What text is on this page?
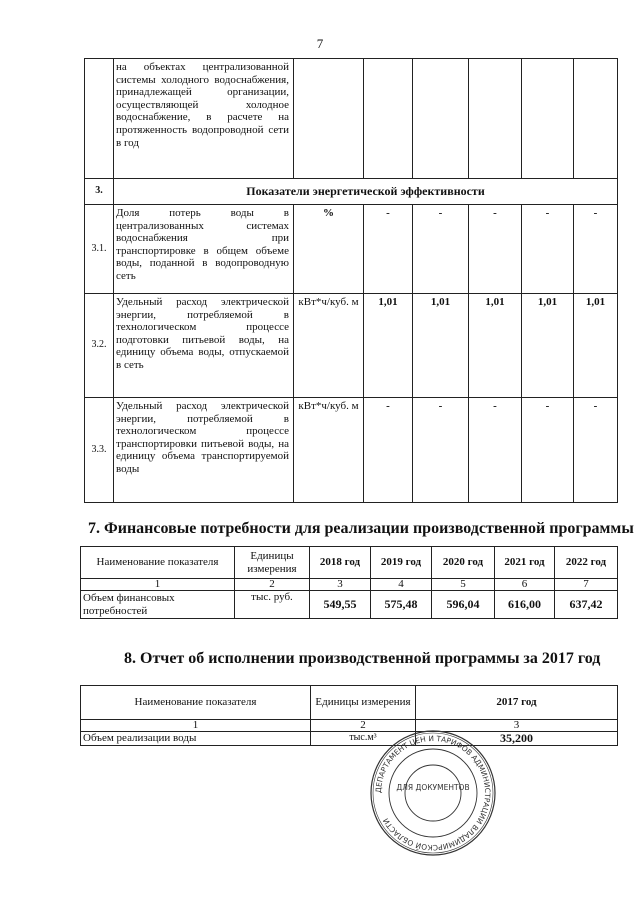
7
	на объектах централизованной системы холодного водоснабжения, принадлежащей организации, осуществляющей холодное водоснабжение, в расчете на протяженность водопроводной сети в год						
3.	Показатели энергетической эффективности						
3.1.	Доля потерь воды в централизованных системах водоснабжения при транспортировке в общем объеме воды, поданной в водопроводную сеть	%	-	-	-	-	-
3.2.	Удельный расход электрической энергии, потребляемой в технологическом процессе подготовки питьевой воды, на единицу объема воды, отпускаемой в сеть	кВт*ч/куб. м	1,01	1,01	1,01	1,01	1,01
3.3.	Удельный расход электрической энергии, потребляемой в технологическом процессе транспортировки питьевой воды, на единицу объема транспортируемой воды	кВт*ч/куб. м	-	-	-	-	-
7. Финансовые потребности для реализации производственной программы
Наименование показателя	Единицы измерения	2018 год	2019 год	2020 год	2021 год	2022 год
1	2	3	4	5	6	7
Объем финансовых потребностей	тыс. руб.	549,55	575,48	596,04	616,00	637,42
8. Отчет об исполнении производственной программы за 2017 год
Наименование показателя	Единицы измерения	2017 год
1	2	3
Объем реализации воды	тыс.м³	35,200
ДЕПАРТАМЕНТ ЦЕН И ТАРИФОВ АДМИНИСТРАЦИИ ВЛАДИМИРСКОЙ ОБЛАСТИ
ДЛЯ ДОКУМЕНТОВ
